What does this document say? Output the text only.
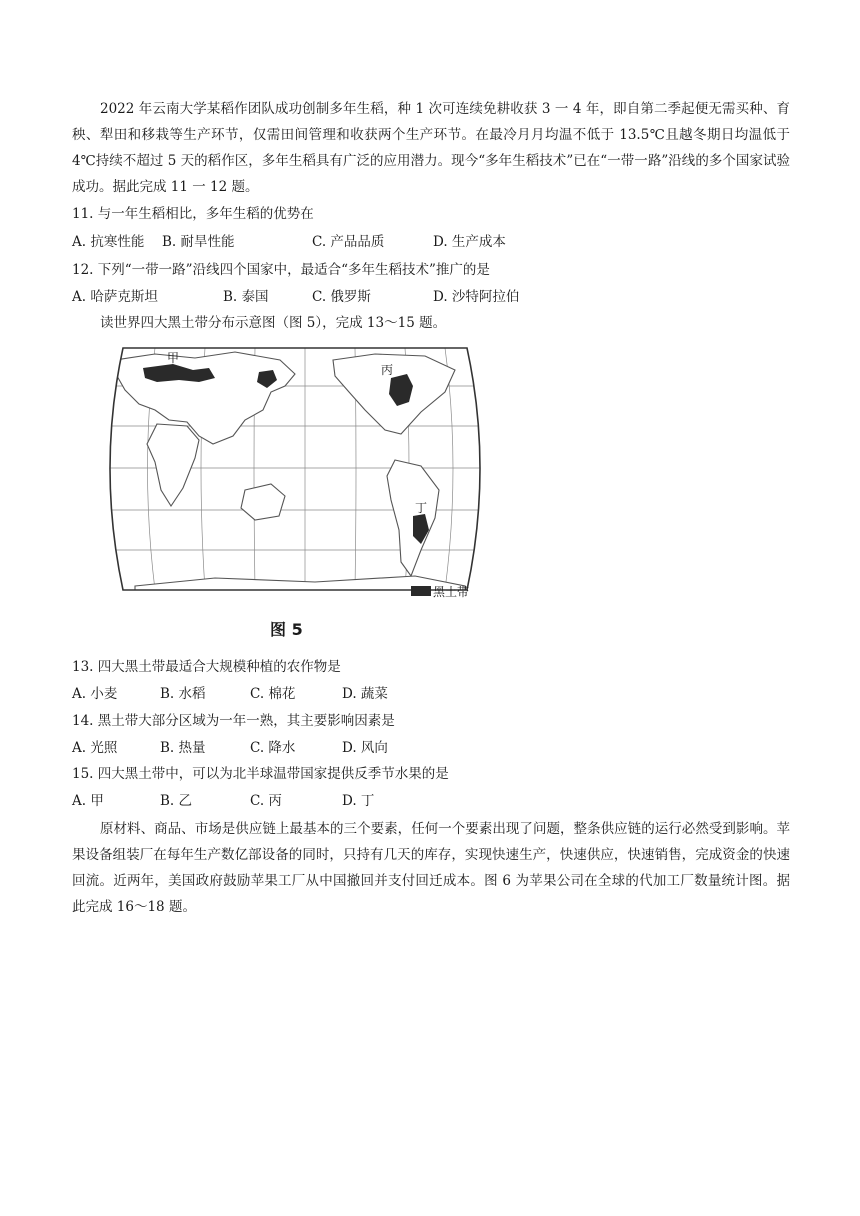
2022 年云南大学某稻作团队成功创制多年生稻，种 1 次可连续免耕收获 3 一 4 年，即自第二季起便无需买种、育秧、犁田和移栽等生产环节，仅需田间管理和收获两个生产环节。在最冷月月均温不低于 13.5℃且越冬期日均温低于 4℃持续不超过 5 天的稻作区，多年生稻具有广泛的应用潜力。现今“多年生稻技术”已在“一带一路”沿线的多个国家试验成功。据此完成 11 一 12 题。

11. 与一年生稻相比，多年生稻的优势在
A. 抗寒性能 B. 耐旱性能	C. 产品品质	D. 生产成本
12. 下列“一带一路”沿线四个国家中，最适合“多年生稻技术”推广的是
A. 哈萨克斯坦	B. 泰国	C. 俄罗斯	D. 沙特阿拉伯
读世界四大黑土带分布示意图（图 5），完成 13～15 题。
甲
丙
丁
黑土带
图 5
13. 四大黑土带最适合大规模种植的农作物是
A. 小麦	B. 水稻	C. 棉花	D. 蔬菜
14. 黑土带大部分区域为一年一熟，其主要影响因素是
A. 光照	B. 热量	C. 降水	D. 风向
15. 四大黑土带中，可以为北半球温带国家提供反季节水果的是
A. 甲	B. 乙	C. 丙	D. 丁

原材料、商品、市场是供应链上最基本的三个要素，任何一个要素出现了问题，整条供应链的运行必然受到影响。苹果设备组装厂在每年生产数亿部设备的同时，只持有几天的库存，实现快速生产，快速供应，快速销售，完成资金的快速回流。近两年，美国政府鼓励苹果工厂从中国撤回并支付回迁成本。图 6 为苹果公司在全球的代加工厂数量统计图。据此完成 16～18 题。
